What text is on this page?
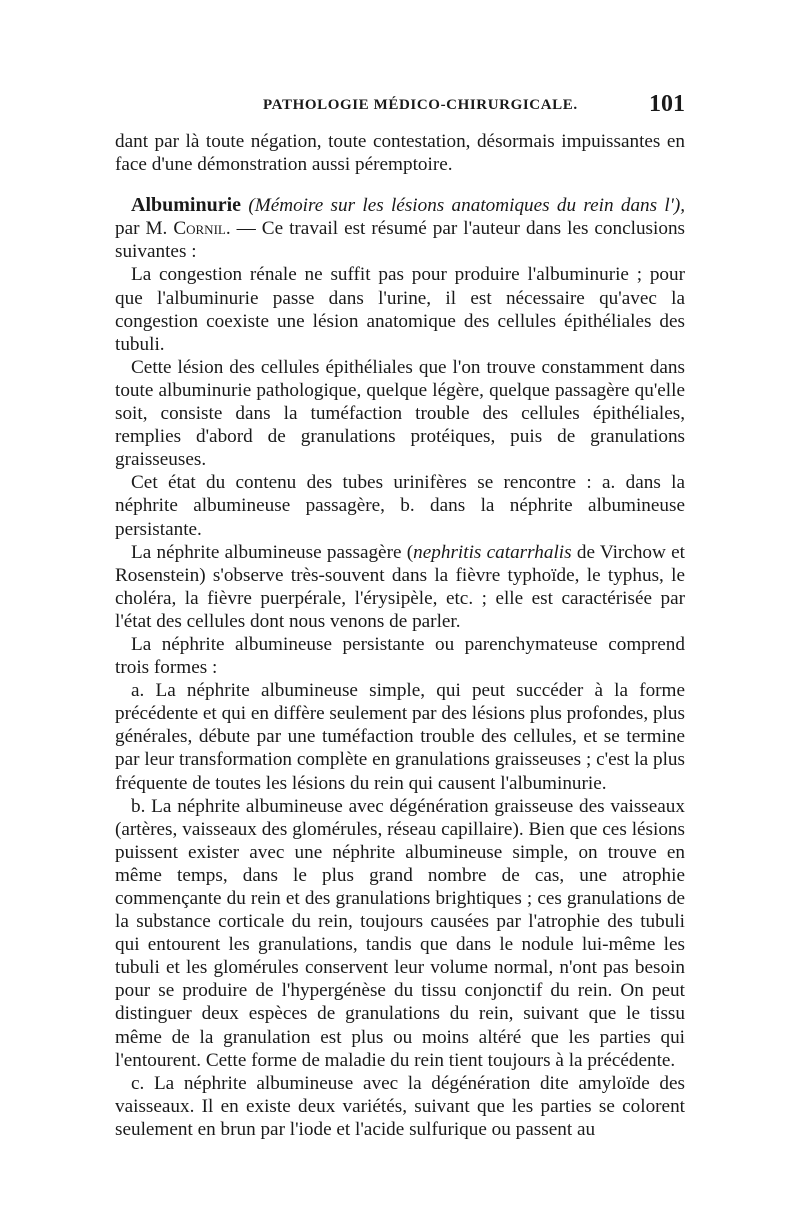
PATHOLOGIE MÉDICO-CHIRURGICALE.	101

dant par là toute négation, toute contestation, désormais impuissantes en face d'une démonstration aussi péremptoire.

Albuminurie (Mémoire sur les lésions anatomiques du rein dans l'), par M. Cornil. — Ce travail est résumé par l'auteur dans les conclusions suivantes :

La congestion rénale ne suffit pas pour produire l'albuminurie ; pour que l'albuminurie passe dans l'urine, il est nécessaire qu'avec la congestion coexiste une lésion anatomique des cellules épithéliales des tubuli.

Cette lésion des cellules épithéliales que l'on trouve constamment dans toute albuminurie pathologique, quelque légère, quelque passagère qu'elle soit, consiste dans la tuméfaction trouble des cellules épithéliales, remplies d'abord de granulations protéiques, puis de granulations graisseuses.

Cet état du contenu des tubes urinifères se rencontre : a. dans la néphrite albumineuse passagère, b. dans la néphrite albumineuse persistante.

La néphrite albumineuse passagère (nephritis catarrhalis de Virchow et Rosenstein) s'observe très-souvent dans la fièvre typhoïde, le typhus, le choléra, la fièvre puerpérale, l'érysipèle, etc. ; elle est caractérisée par l'état des cellules dont nous venons de parler.

La néphrite albumineuse persistante ou parenchymateuse comprend trois formes :

a. La néphrite albumineuse simple, qui peut succéder à la forme précédente et qui en diffère seulement par des lésions plus profondes, plus générales, débute par une tuméfaction trouble des cellules, et se termine par leur transformation complète en granulations graisseuses ; c'est la plus fréquente de toutes les lésions du rein qui causent l'albuminurie.

b. La néphrite albumineuse avec dégénération graisseuse des vaisseaux (artères, vaisseaux des glomérules, réseau capillaire). Bien que ces lésions puissent exister avec une néphrite albumineuse simple, on trouve en même temps, dans le plus grand nombre de cas, une atrophie commençante du rein et des granulations brightiques ; ces granulations de la substance corticale du rein, toujours causées par l'atrophie des tubuli qui entourent les granulations, tandis que dans le nodule lui-même les tubuli et les glomérules conservent leur volume normal, n'ont pas besoin pour se produire de l'hypergénèse du tissu conjonctif du rein. On peut distinguer deux espèces de granulations du rein, suivant que le tissu même de la granulation est plus ou moins altéré que les parties qui l'entourent. Cette forme de maladie du rein tient toujours à la précédente.

c. La néphrite albumineuse avec la dégénération dite amyloïde des vaisseaux. Il en existe deux variétés, suivant que les parties se colorent seulement en brun par l'iode et l'acide sulfurique ou passent au
